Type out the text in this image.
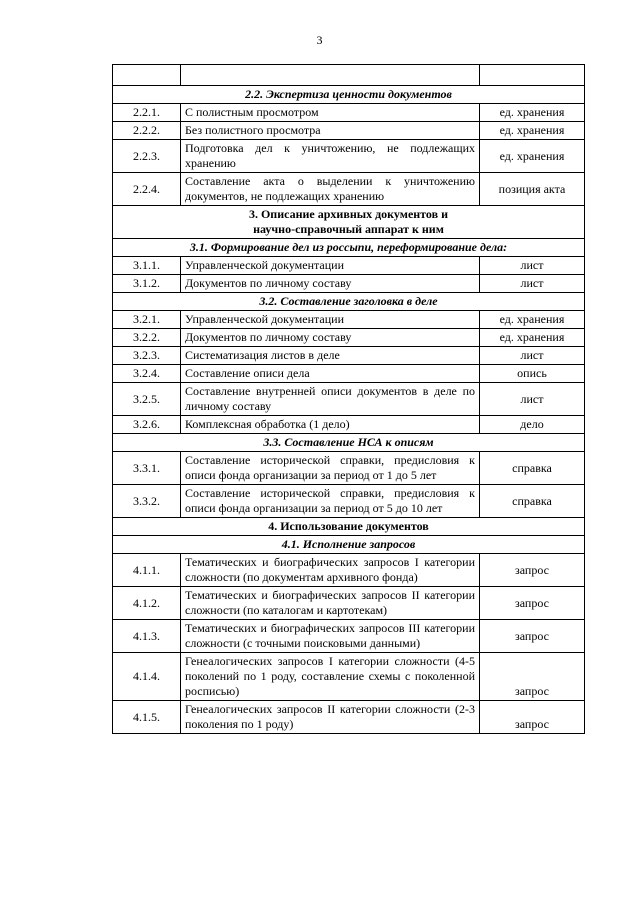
3

2.2. Экспертиза ценности документов		
2.2.1.	С полистным просмотром	ед. хранения
2.2.2.	Без полистного просмотра	ед. хранения
2.2.3.	Подготовка дел к уничтожению, не подлежащих хранению	ед. хранения
2.2.4.	Составление акта о выделении к уничтожению документов, не подлежащих хранению	позиция акта

3. Описание архивных документов и
научно-справочный аппарат к ним		

3.1. Формирование дел из россыпи, переформирование дела:		
3.1.1.	Управленческой документации	лист
3.1.2.	Документов по личному составу	лист
3.2. Составление заголовка в деле		
3.2.1.	Управленческой документации	ед. хранения
3.2.2.	Документов по личному составу	ед. хранения
3.2.3.	Систематизация листов в деле	лист
3.2.4.	Составление описи дела	опись
3.2.5.	Составление внутренней описи документов в деле по личному составу	лист
3.2.6.	Комплексная обработка (1 дело)	дело
3.3. Составление НСА к описям		
3.3.1.	Составление исторической справки, предисловия к описи фонда организации за период от 1 до 5 лет	справка
3.3.2.	Составление исторической справки, предисловия к описи фонда организации за период от 5 до 10 лет	справка
4. Использование документов		
4.1. Исполнение запросов		
4.1.1.	Тематических и биографических запросов I категории сложности (по документам архивного фонда)	запрос
4.1.2.	Тематических и биографических запросов II категории сложности (по каталогам и картотекам)	запрос
4.1.3.	Тематических и биографических запросов III категории сложности (с точными поисковыми данными)	запрос
4.1.4.	Генеалогических запросов I категории сложности (4-5 поколений по 1 роду, составление схемы с поколенной росписью)	запрос
4.1.5.	Генеалогических запросов II категории сложности (2-3 поколения по 1 роду)	запрос
